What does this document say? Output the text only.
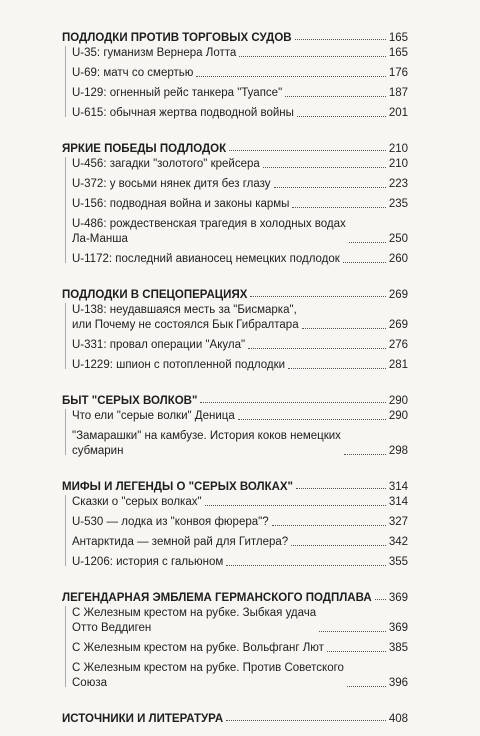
ПОДЛОДКИ ПРОТИВ ТОРГОВЫХ СУДОВ	165
U-35: гуманизм Вернера Лотта	165
U-69: матч со смертью	176
U-129: огненный рейс танкера "Туапсе"	187
U-615: обычная жертва подводной войны	201
ЯРКИЕ ПОБЕДЫ ПОДЛОДОК	210
U-456: загадки "золотого" крейсера	210
U-372: у восьми нянек дитя без глазу	223
U-156: подводная война и законы кармы	235
U-486: рождественская трагедия в холодных водах
Ла-Манша	250
U-1172: последний авианосец немецких подлодок	260
ПОДЛОДКИ В СПЕЦОПЕРАЦИЯХ	269
U-138: неудавшаяся месть за "Бисмарка",
или Почему не состоялся Бык Гибралтара	269
U-331: провал операции "Акула"	276
U-1229: шпион с потопленной подлодки	281
БЫТ "СЕРЫХ ВОЛКОВ"	290
Что ели "серые волки" Деница	290
"Замарашки" на камбузе. История коков немецких
субмарин	298
МИФЫ И ЛЕГЕНДЫ О "СЕРЫХ ВОЛКАХ"	314
Сказки о "серых волках"	314
U-530 — лодка из "конвоя фюрера"?	327
Антарктида — земной рай для Гитлера?	342
U-1206: история с гальюном	355
ЛЕГЕНДАРНАЯ ЭМБЛЕМА ГЕРМАНСКОГО ПОДПЛАВА 369
С Железным крестом на рубке. Зыбкая удача
Отто Веддиген	369
С Железным крестом на рубке. Вольфганг Лют	385
С Железным крестом на рубке. Против Советского
Союза	396
ИСТОЧНИКИ И ЛИТЕРАТУРА	408
